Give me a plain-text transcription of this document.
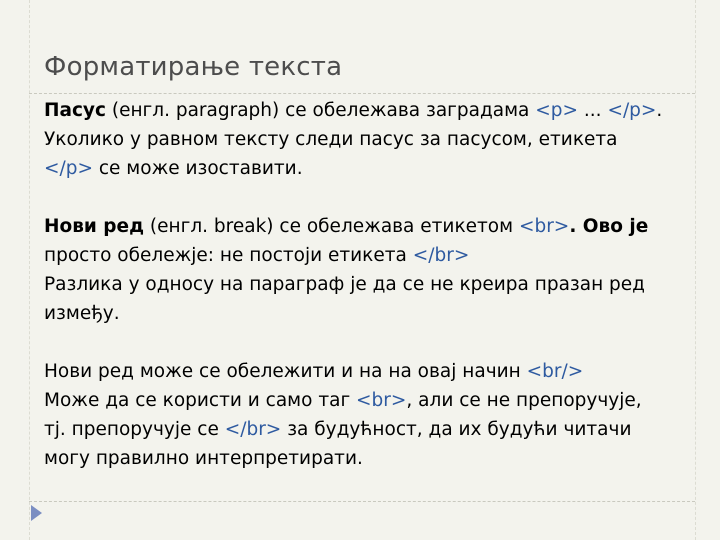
Форматирање текста

Пасус (енгл. paragraph) се обележава заградама <p> ... </p>.
Уколико у равном тексту следи пасус за пасусом, етикета
</p> се може изоставити.

Нови ред (енгл. break) се обележава етикетом <br>. Ово је
просто обележје: не постоји етикета </br>
Разлика у односу на параграф је да се не креира празан ред
између.

Нови ред може се обележити и на на овај начин <br/>
Може да се користи и само таг <br>, али се не препоручује,
тј. препоручује се </br> за будућност, да их будући читачи
могу правилно интерпретирати.
